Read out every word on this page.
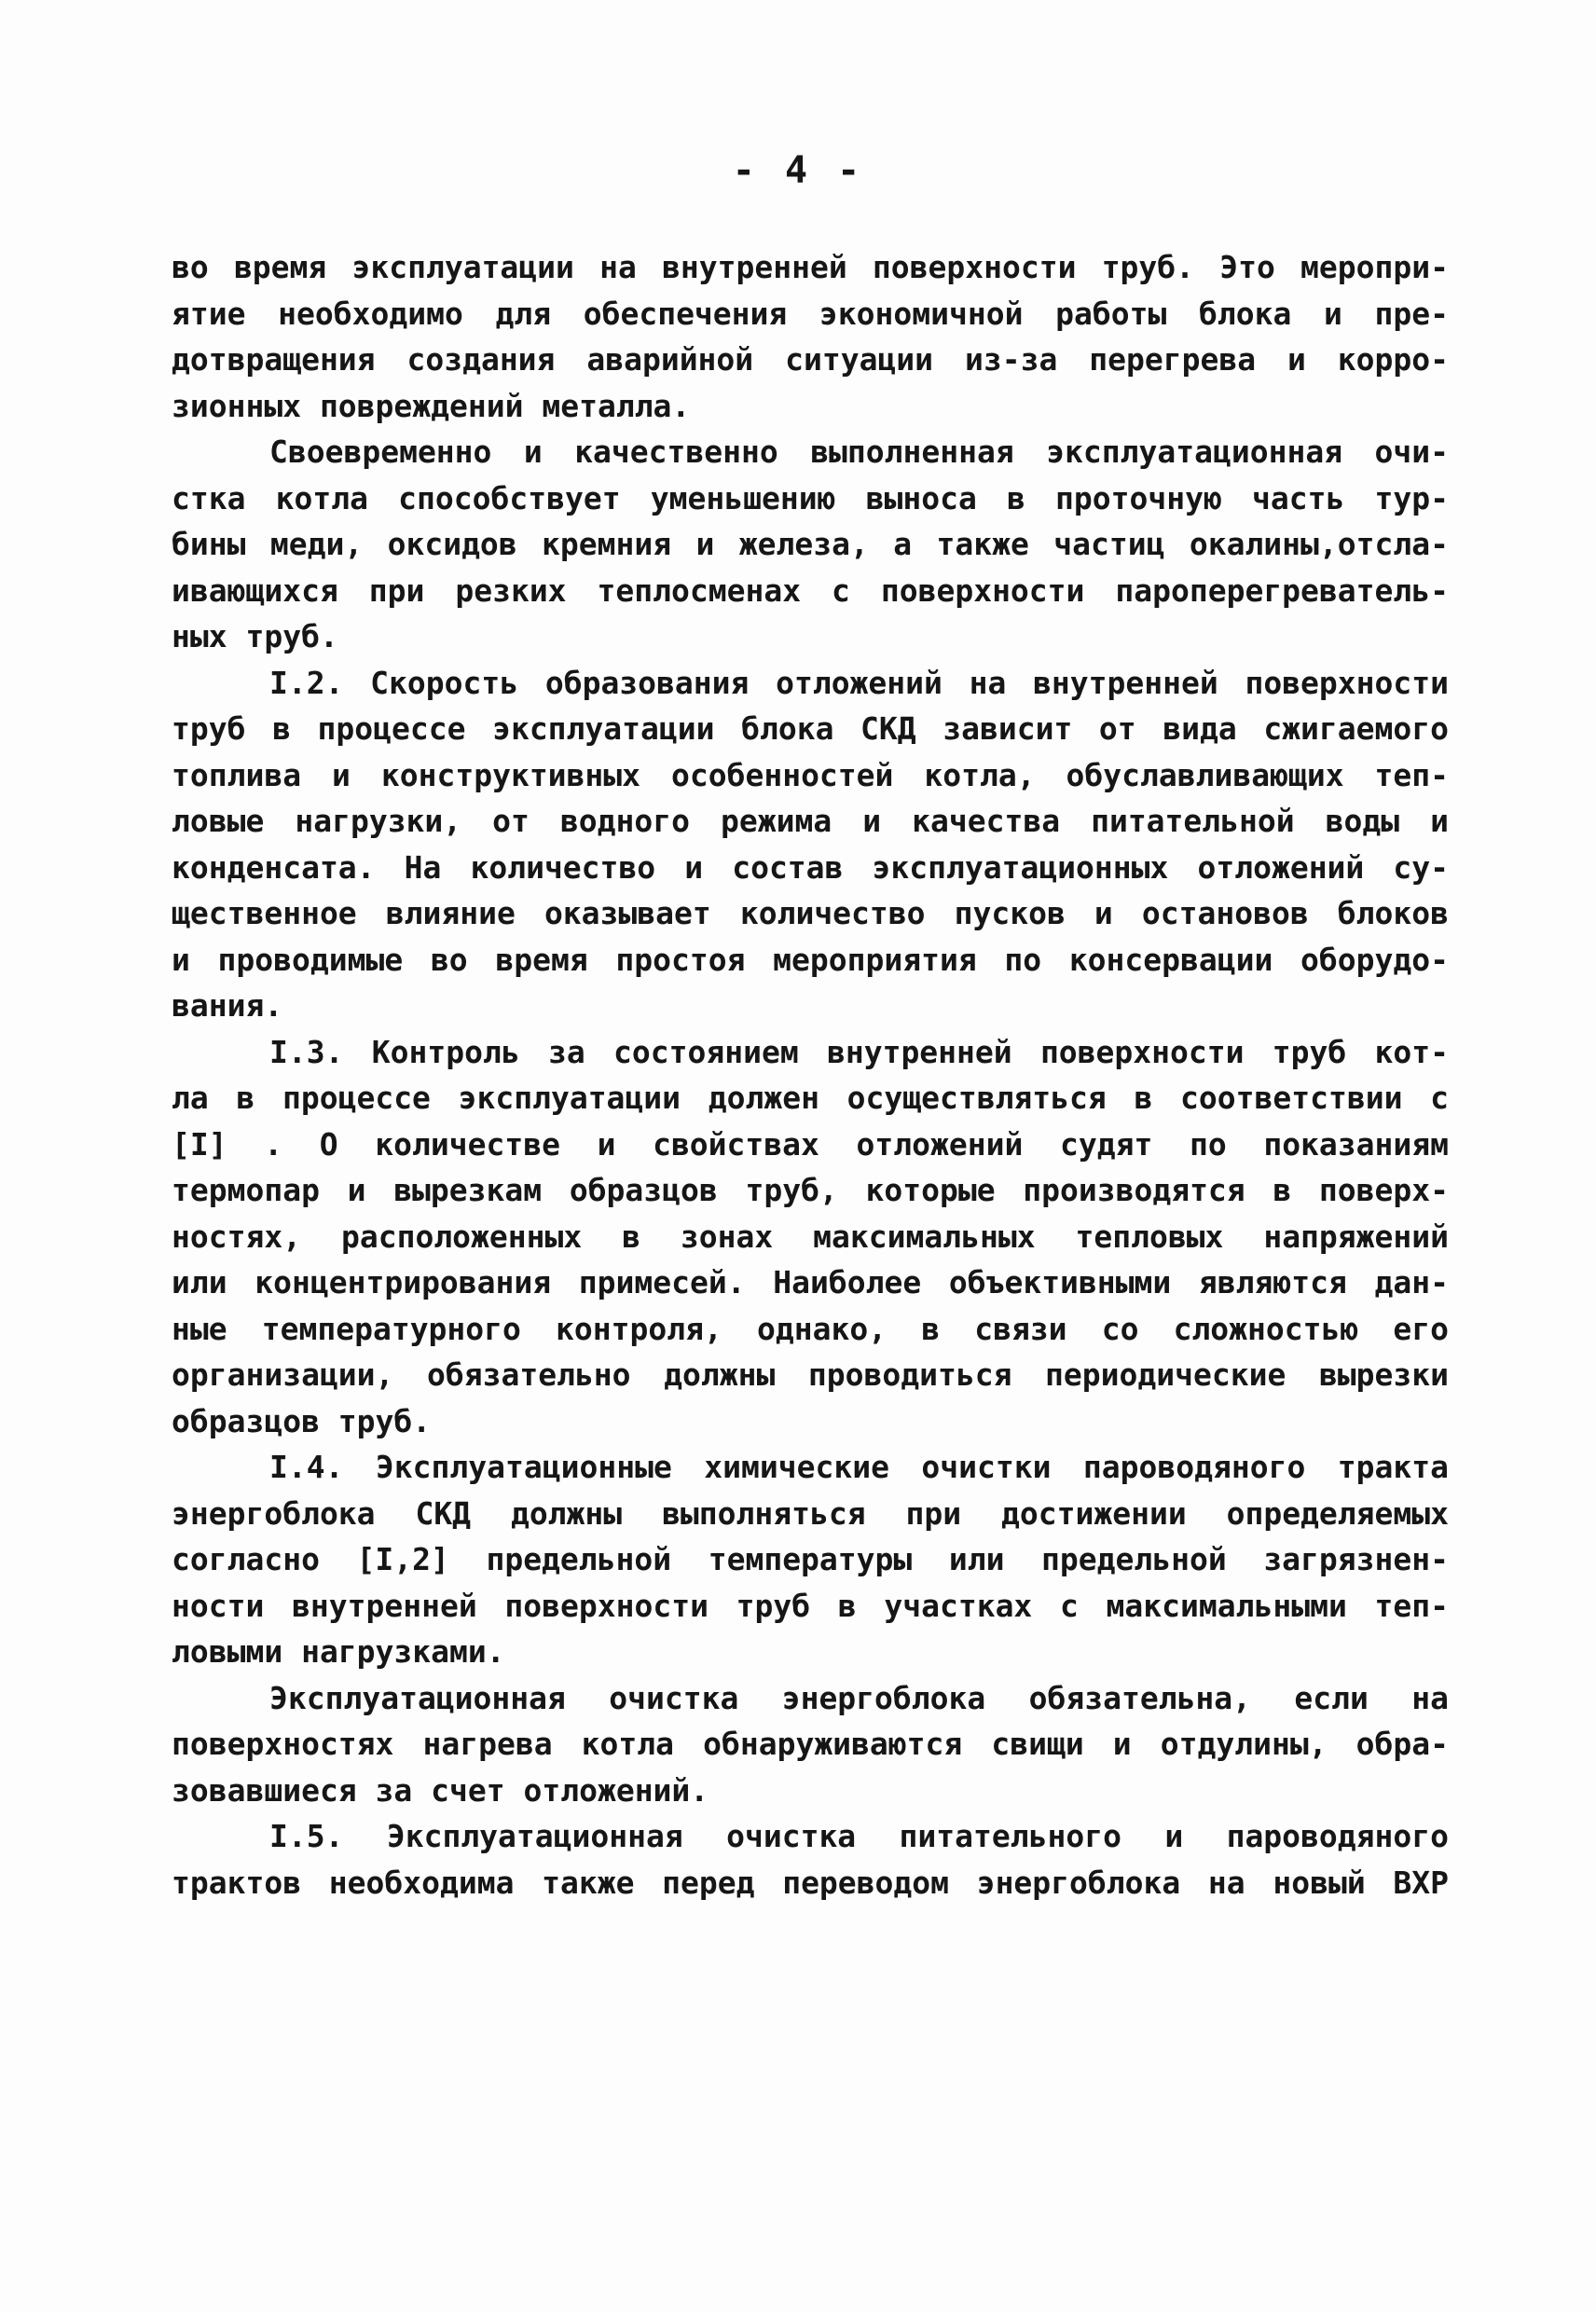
- 4 -
во время эксплуатации на внутренней поверхности труб. Это меропри-
ятие необходимо для обеспечения экономичной работы блока и пре-
дотвращения создания аварийной ситуации из-за перегрева и корро-
зионных повреждений металла.
Своевременно и качественно выполненная эксплуатационная очи-
стка котла способствует уменьшению выноса в проточную часть тур-
бины меди, оксидов кремния и железа, а также частиц окалины,отсла-
ивающихся при резких теплосменах с поверхности пароперегреватель-
ных труб.
I.2. Скорость образования отложений на внутренней поверхности
труб в процессе эксплуатации блока СКД зависит от вида сжигаемого
топлива и конструктивных особенностей котла, обуславливающих теп-
ловые нагрузки, от водного режима и качества питательной воды и
конденсата. На количество и состав эксплуатационных отложений су-
щественное влияние оказывает количество пусков и остановов блоков
и проводимые во время простоя мероприятия по консервации оборудо-
вания.
I.3. Контроль за состоянием внутренней поверхности труб кот-
ла в процессе эксплуатации должен осуществляться в соответствии с
[I] . О количестве и свойствах отложений судят по показаниям
термопар и вырезкам образцов труб, которые производятся в поверх-
ностях, расположенных в зонах максимальных тепловых напряжений
или концентрирования примесей. Наиболее объективными являются дан-
ные температурного контроля, однако, в связи со сложностью его
организации, обязательно должны проводиться периодические вырезки
образцов труб.
I.4. Эксплуатационные химические очистки пароводяного тракта
энергоблока СКД должны выполняться при достижении определяемых
согласно [I,2] предельной температуры или предельной загрязнен-
ности внутренней поверхности труб в участках с максимальными теп-
ловыми нагрузками.
Эксплуатационная очистка энергоблока обязательна, если на
поверхностях нагрева котла обнаруживаются свищи и отдулины, обра-
зовавшиеся за счет отложений.
I.5. Эксплуатационная очистка питательного и пароводяного
трактов необходима также перед переводом энергоблока на новый ВХР
